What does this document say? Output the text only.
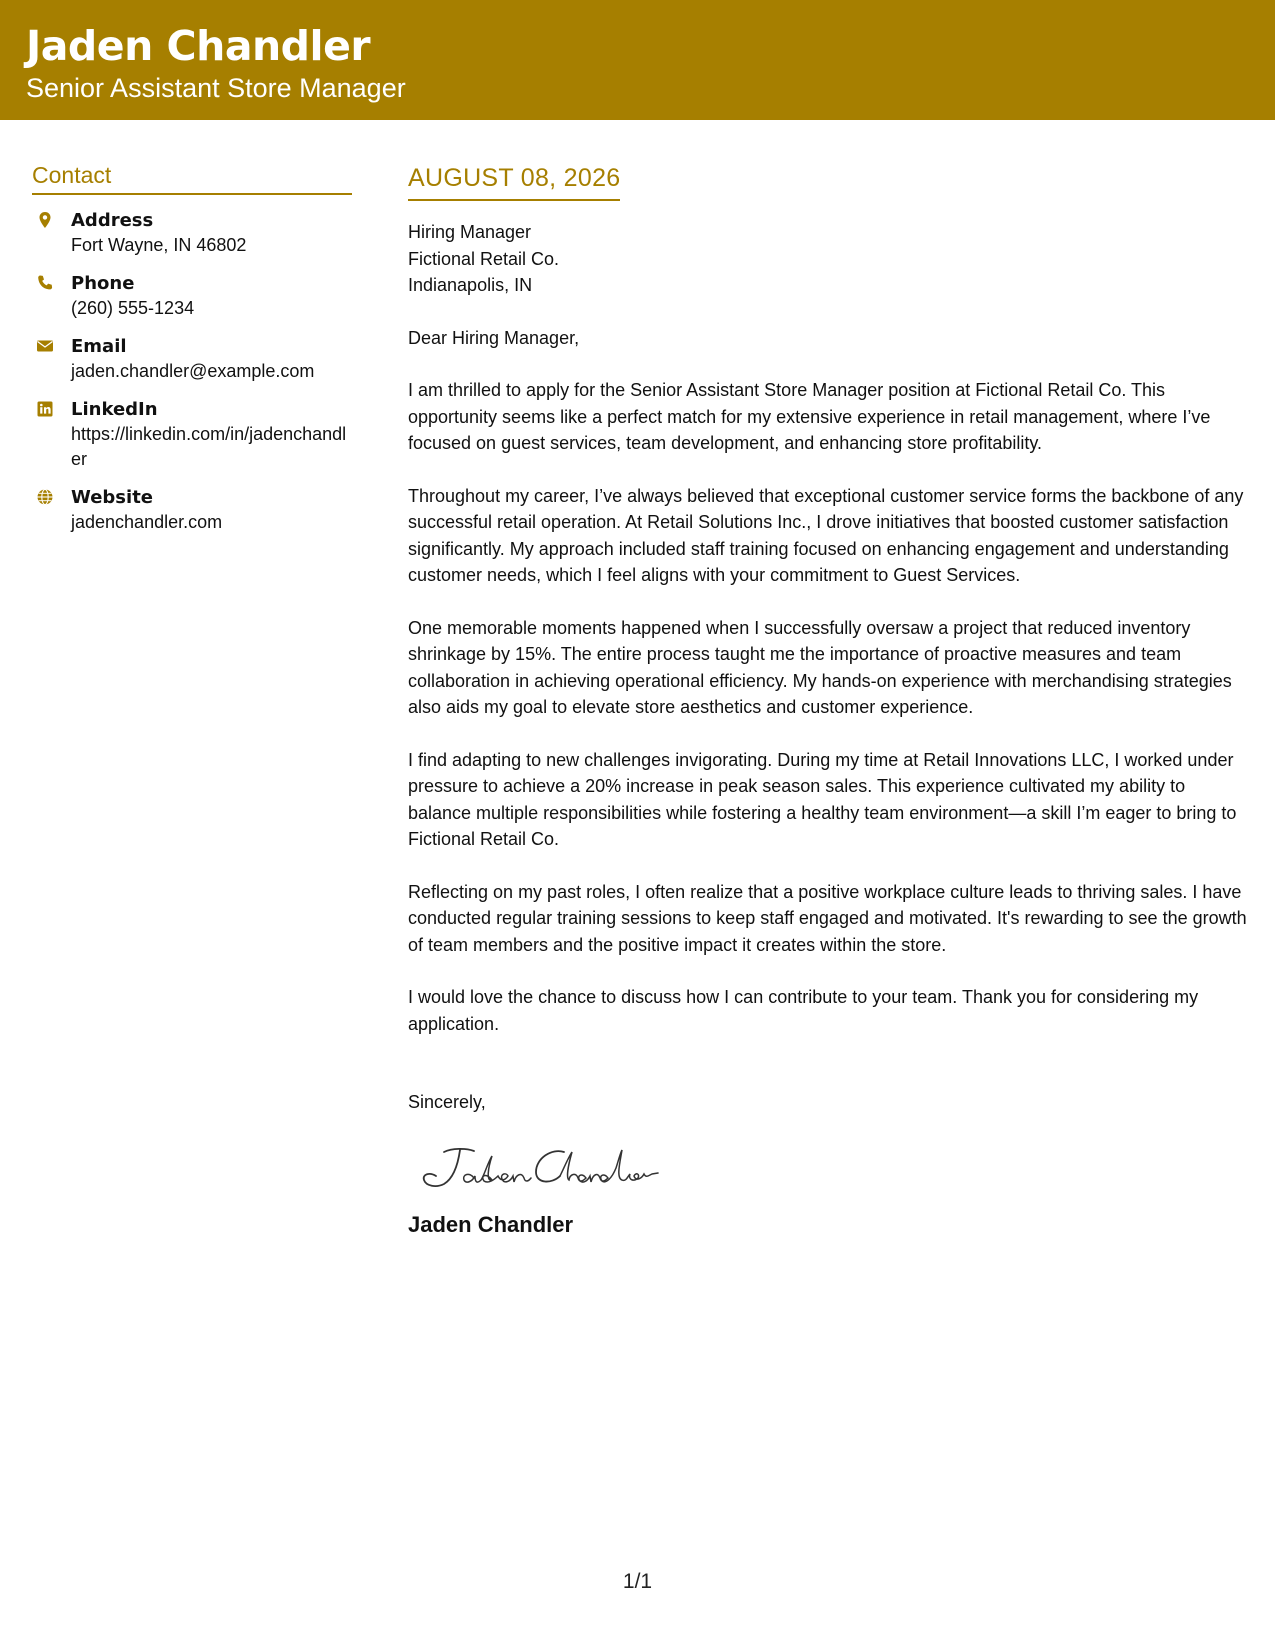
Jaden Chandler
Senior Assistant Store Manager
Contact
Address
Fort Wayne, IN 46802
Phone
(260) 555-1234
Email
jaden.chandler@example.com
LinkedIn
https://linkedin.com/in/jadenchandler
Website
jadenchandler.com
AUGUST 08, 2026
Hiring Manager
Fictional Retail Co.
Indianapolis, IN
Dear Hiring Manager,
I am thrilled to apply for the Senior Assistant Store Manager position at Fictional Retail Co. This opportunity seems like a perfect match for my extensive experience in retail management, where I’ve focused on guest services, team development, and enhancing store profitability.
Throughout my career, I’ve always believed that exceptional customer service forms the backbone of any successful retail operation. At Retail Solutions Inc., I drove initiatives that boosted customer satisfaction significantly. My approach included staff training focused on enhancing engagement and understanding customer needs, which I feel aligns with your commitment to Guest Services.
One memorable moments happened when I successfully oversaw a project that reduced inventory shrinkage by 15%. The entire process taught me the importance of proactive measures and team collaboration in achieving operational efficiency. My hands-on experience with merchandising strategies also aids my goal to elevate store aesthetics and customer experience.
I find adapting to new challenges invigorating. During my time at Retail Innovations LLC, I worked under pressure to achieve a 20% increase in peak season sales. This experience cultivated my ability to balance multiple responsibilities while fostering a healthy team environment—a skill I’m eager to bring to Fictional Retail Co.
Reflecting on my past roles, I often realize that a positive workplace culture leads to thriving sales. I have conducted regular training sessions to keep staff engaged and motivated. It's rewarding to see the growth of team members and the positive impact it creates within the store.
I would love the chance to discuss how I can contribute to your team. Thank you for considering my application.
Sincerely,
Jaden Chandler
1/1
